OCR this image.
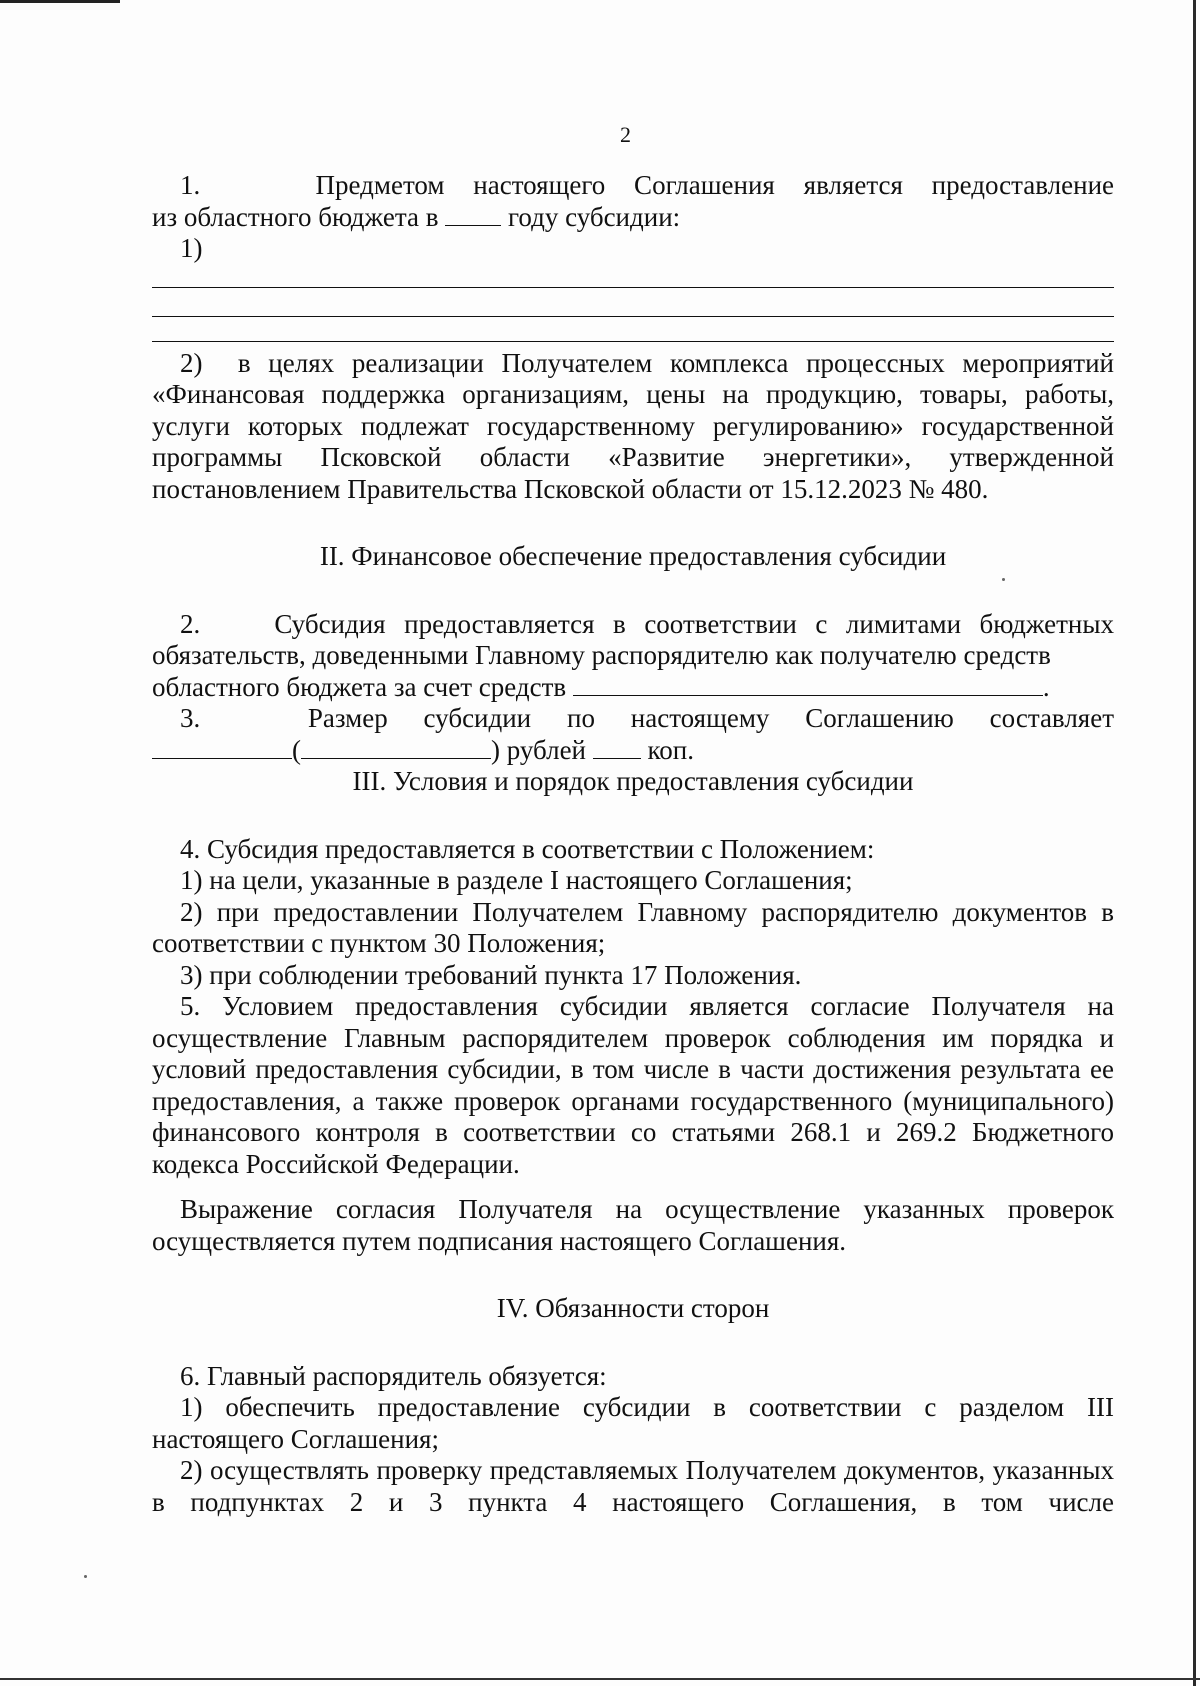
2

1.    Предметом настоящего Соглашения является предоставление

из областного бюджета в	году субсидии:

1)

2)  в целях реализации Получателем комплекса процессных мероприятий «Финансовая поддержка организациям, цены на продукцию, товары, работы, услуги которых подлежат государственному регулированию» государственной программы Псковской области «Развитие энергетики», утвержденной постановлением Правительства Псковской области от 15.12.2023 № 480.

II. Финансовое обеспечение предоставления субсидии

2.    Субсидия предоставляется в соответствии с лимитами бюджетных обязательств, доведенными Главному распорядителю как получателю средств

областного бюджета за счет средств	.

3.   Размер субсидии по настоящему Соглашению составляет

(	) рублей коп.

III. Условия и порядок предоставления субсидии

4. Субсидия предоставляется в соответствии с Положением:

1) на цели, указанные в разделе I настоящего Соглашения;

2) при предоставлении Получателем Главному распорядителю документов в соответствии с пунктом 30 Положения;

3) при соблюдении требований пункта 17 Положения.

5. Условием предоставления субсидии является согласие Получателя на осуществление Главным распорядителем проверок соблюдения им порядка и условий предоставления субсидии, в том числе в части достижения результата ее предоставления, а также проверок органами государственного (муниципального) финансового контроля в соответствии со статьями 268.1 и 269.2 Бюджетного кодекса Российской Федерации.

Выражение согласия Получателя на осуществление указанных проверок осуществляется путем подписания настоящего Соглашения.

IV. Обязанности сторон

6. Главный распорядитель обязуется:

1) обеспечить предоставление субсидии в соответствии с разделом III настоящего Соглашения;

2) осуществлять проверку представляемых Получателем документов, указанных в подпунктах 2 и 3 пункта 4 настоящего Соглашения, в том числе
